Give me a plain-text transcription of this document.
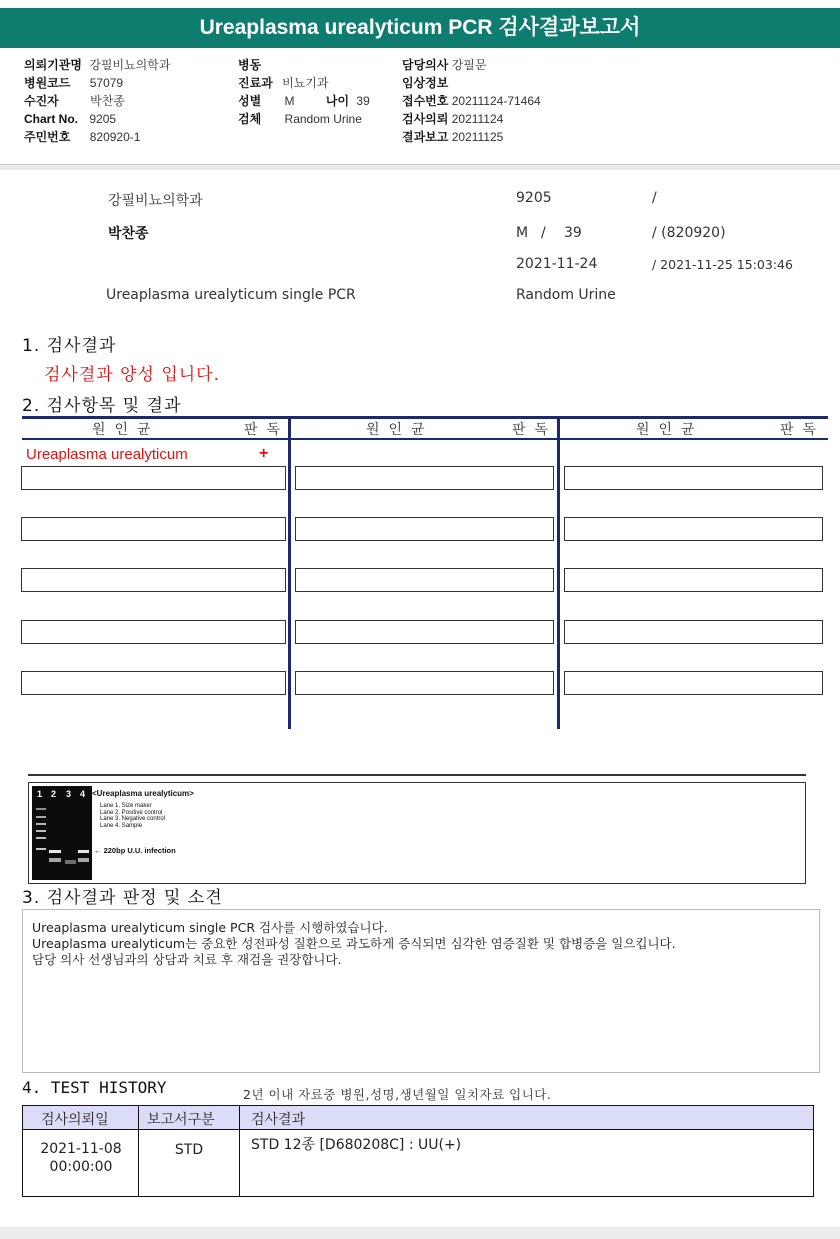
Ureaplasma urealyticum PCR 검사결과보고서
의뢰기관명 강필비뇨의학과
병원코드 57079
수진자	박찬종
Chart No. 9205
주민번호 820920-1
병동
진료과 비뇨기과
성별 M	나이 39
검체 Random Urine
담당의사 강필문
임상정보
접수번호 20211124-71464
검사의뢰 20211124
결과보고 20211125
강필비뇨의학과	9205	/
박찬종	M / 39	/ (820920)
2021-11-24	/ 2021-11-25 15:03:46
Ureaplasma urealyticum single PCR	Random Urine
1. 검사결과
검사결과 양성 입니다.
2. 검사항목 및 결과
원인균	판독	원인균	판독	원인균	판독
Ureaplasma urealyticum	+
1 2 3 4 <Ureaplasma urealyticum>
Lane 1. Size maker
Lane 2. Positive control
Lane 3. Negative control
Lane 4. Sample
← 220bp U.U. infection
3. 검사결과 판정 및 소견
Ureaplasma urealyticum single PCR 검사를 시행하였습니다.
Ureaplasma urealyticum는 중요한 성전파성 질환으로 과도하게 증식되면 심각한 염증질환 및 합병증을 일으킵니다.
담당 의사 선생님과의 상담과 치료 후 재검을 권장합니다.
4. TEST HISTORY	2년 이내 자료중 병원,성명,생년월일 일치자료 입니다.
검사의뢰일	보고서구분	검사결과
2021-11-08
00:00:00
STD	STD 12종 [D680208C] : UU(+)
